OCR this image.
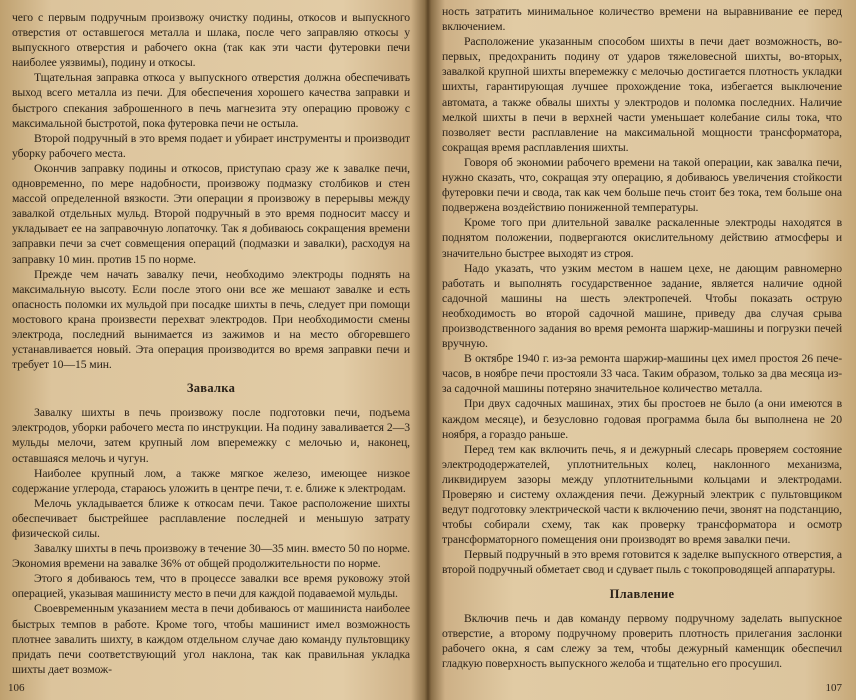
чего с первым подручным произвожу очистку подины, откосов и выпускного отверстия от оставшегося металла и шлака, после чего заправляю откосы у выпускного отверстия и рабочего окна (так как эти части футеровки печи наиболее уязвимы), подину и откосы.

Тщательная заправка откоса у выпускного отверстия должна обеспечивать выход всего металла из печи. Для обеспечения хорошего качества заправки и быстрого спекания заброшенного в печь магнезита эту операцию провожу с максимальной быстротой, пока футеровка печи не остыла.

Второй подручный в это время подает и убирает инструменты и производит уборку рабочего места.

Окончив заправку подины и откосов, приступаю сразу же к завалке печи, одновременно, по мере надобности, произвожу подмазку столбиков и стен массой определенной вязкости. Эти операции я произвожу в перерывы между завалкой отдельных мульд. Второй подручный в это время подносит массу и укладывает ее на заправочную лопаточку. Так я добиваюсь сокращения времени заправки печи за счет совмещения операций (подмазки и завалки), расходуя на заправку 10 мин. против 15 по норме.

Прежде чем начать завалку печи, необходимо электроды поднять на максимальную высоту. Если после этого они все же мешают завалке и есть опасность поломки их мульдой при посадке шихты в печь, следует при помощи мостового крана произвести перехват электродов. При необходимости смены электрода, последний вынимается из зажимов и на место обгоревшего устанавливается новый. Эта операция производится во время заправки печи и требует 10—15 мин.

Завалка

Завалку шихты в печь произвожу после подготовки печи, подъема электродов, уборки рабочего места по инструкции. На подину заваливается 2—3 мульды мелочи, затем крупный лом вперемежку с мелочью и, наконец, оставшаяся мелочь и чугун.

Наиболее крупный лом, а также мягкое железо, имеющее низкое содержание углерода, стараюсь уложить в центре печи, т. е. ближе к электродам.

Мелочь укладывается ближе к откосам печи. Такое расположение шихты обеспечивает быстрейшее расплавление последней и меньшую затрату физической силы.

Завалку шихты в печь произвожу в течение 30—35 мин. вместо 50 по норме. Экономия времени на завалке 36% от общей продолжительности по норме.

Этого я добиваюсь тем, что в процессе завалки все время руковожу этой операцией, указывая машинисту место в печи для каждой подаваемой мульды.

Своевременным указанием места в печи добиваюсь от машиниста наиболее быстрых темпов в работе. Кроме того, чтобы машинист имел возможность плотнее завалить шихту, в каждом отдельном случае даю команду пультовщику придать печи соответствующий угол наклона, так как правильная укладка шихты дает возмож-

106

ность затратить минимальное количество времени на выравнивание ее перед включением.

Расположение указанным способом шихты в печи дает возможность, во-первых, предохранить подину от ударов тяжеловесной шихты, во-вторых, завалкой крупной шихты вперемежку с мелочью достигается плотность укладки шихты, гарантирующая лучшее прохождение тока, избегается выключение автомата, а также обвалы шихты у электродов и поломка последних. Наличие мелкой шихты в печи в верхней части уменьшает колебание силы тока, что позволяет вести расплавление на максимальной мощности трансформатора, сокращая время расплавления шихты.

Говоря об экономии рабочего времени на такой операции, как завалка печи, нужно сказать, что, сокращая эту операцию, я добиваюсь увеличения стойкости футеровки печи и свода, так как чем больше печь стоит без тока, тем больше она подвержена воздействию пониженной температуры.

Кроме того при длительной завалке раскаленные электроды находятся в поднятом положении, подвергаются окислительному действию атмосферы и значительно быстрее выходят из строя.

Надо указать, что узким местом в нашем цехе, не дающим равномерно работать и выполнять государственное задание, является наличие одной садочной машины на шесть электропечей. Чтобы показать острую необходимость во второй садочной машине, приведу два случая срыва производственного задания во время ремонта шаржир-машины и погрузки печей вручную.

В октябре 1940 г. из-за ремонта шаржир-машины цех имел простоя 26 пече-часов, в ноябре печи простояли 33 часа. Таким образом, только за два месяца из-за садочной машины потеряно значительное количество металла.

При двух садочных машинах, этих бы простоев не было (а они имеются в каждом месяце), и безусловно годовая программа была бы выполнена не 20 ноября, а гораздо раньше.

Перед тем как включить печь, я и дежурный слесарь проверяем состояние электрододержателей, уплотнительных колец, наклонного механизма, ликвидируем зазоры между уплотнительными кольцами и электродами. Проверяю и систему охлаждения печи. Дежурный электрик с пультовщиком ведут подготовку электрической части к включению печи, звонят на подстанцию, чтобы собирали схему, так как проверку трансформатора и осмотр трансформаторного помещения они производят во время завалки печи.

Первый подручный в это время готовится к заделке выпускного отверстия, а второй подручный обметает свод и сдувает пыль с токопроводящей аппаратуры.

Плавление

Включив печь и дав команду первому подручному заделать выпускное отверстие, а второму подручному проверить плотность прилегания заслонки рабочего окна, я сам слежу за тем, чтобы дежурный каменщик обеспечил гладкую поверхность выпускного желоба и тщательно его просушил.

107
